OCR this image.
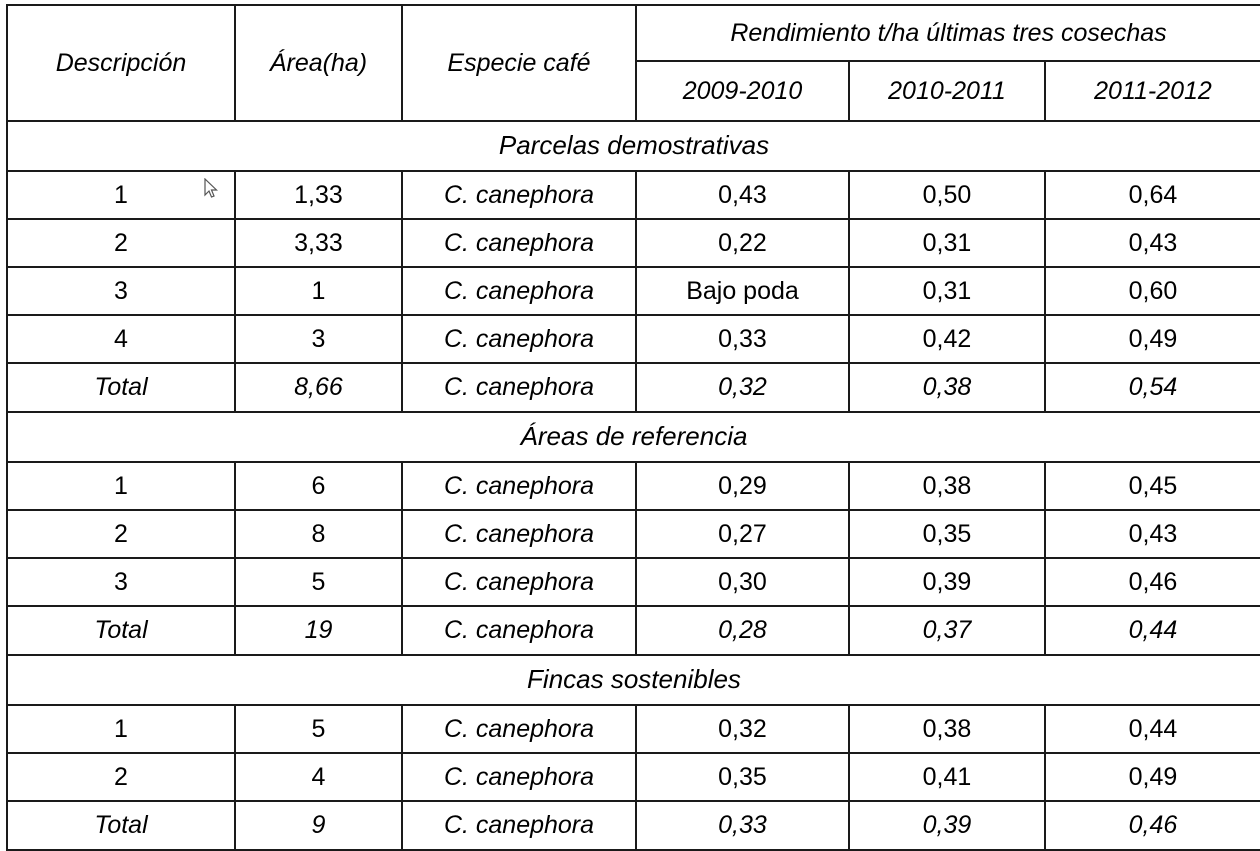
Descripción	Área(ha)	Especie café	Rendimiento t/ha últimas tres cosechas		
			2009-2010	2010-2011	2011-2012
Parcelas demostrativas					
1	1,33	C. canephora	0,43	0,50	0,64
2	3,33	C. canephora	0,22	0,31	0,43
3	1	C. canephora	Bajo poda	0,31	0,60
4	3	C. canephora	0,33	0,42	0,49
Total	8,66	C. canephora	0,32	0,38	0,54
Áreas de referencia					
1	6	C. canephora	0,29	0,38	0,45
2	8	C. canephora	0,27	0,35	0,43
3	5	C. canephora	0,30	0,39	0,46
Total	19	C. canephora	0,28	0,37	0,44
Fincas sostenibles					
1	5	C. canephora	0,32	0,38	0,44
2	4	C. canephora	0,35	0,41	0,49
Total	9	C. canephora	0,33	0,39	0,46
